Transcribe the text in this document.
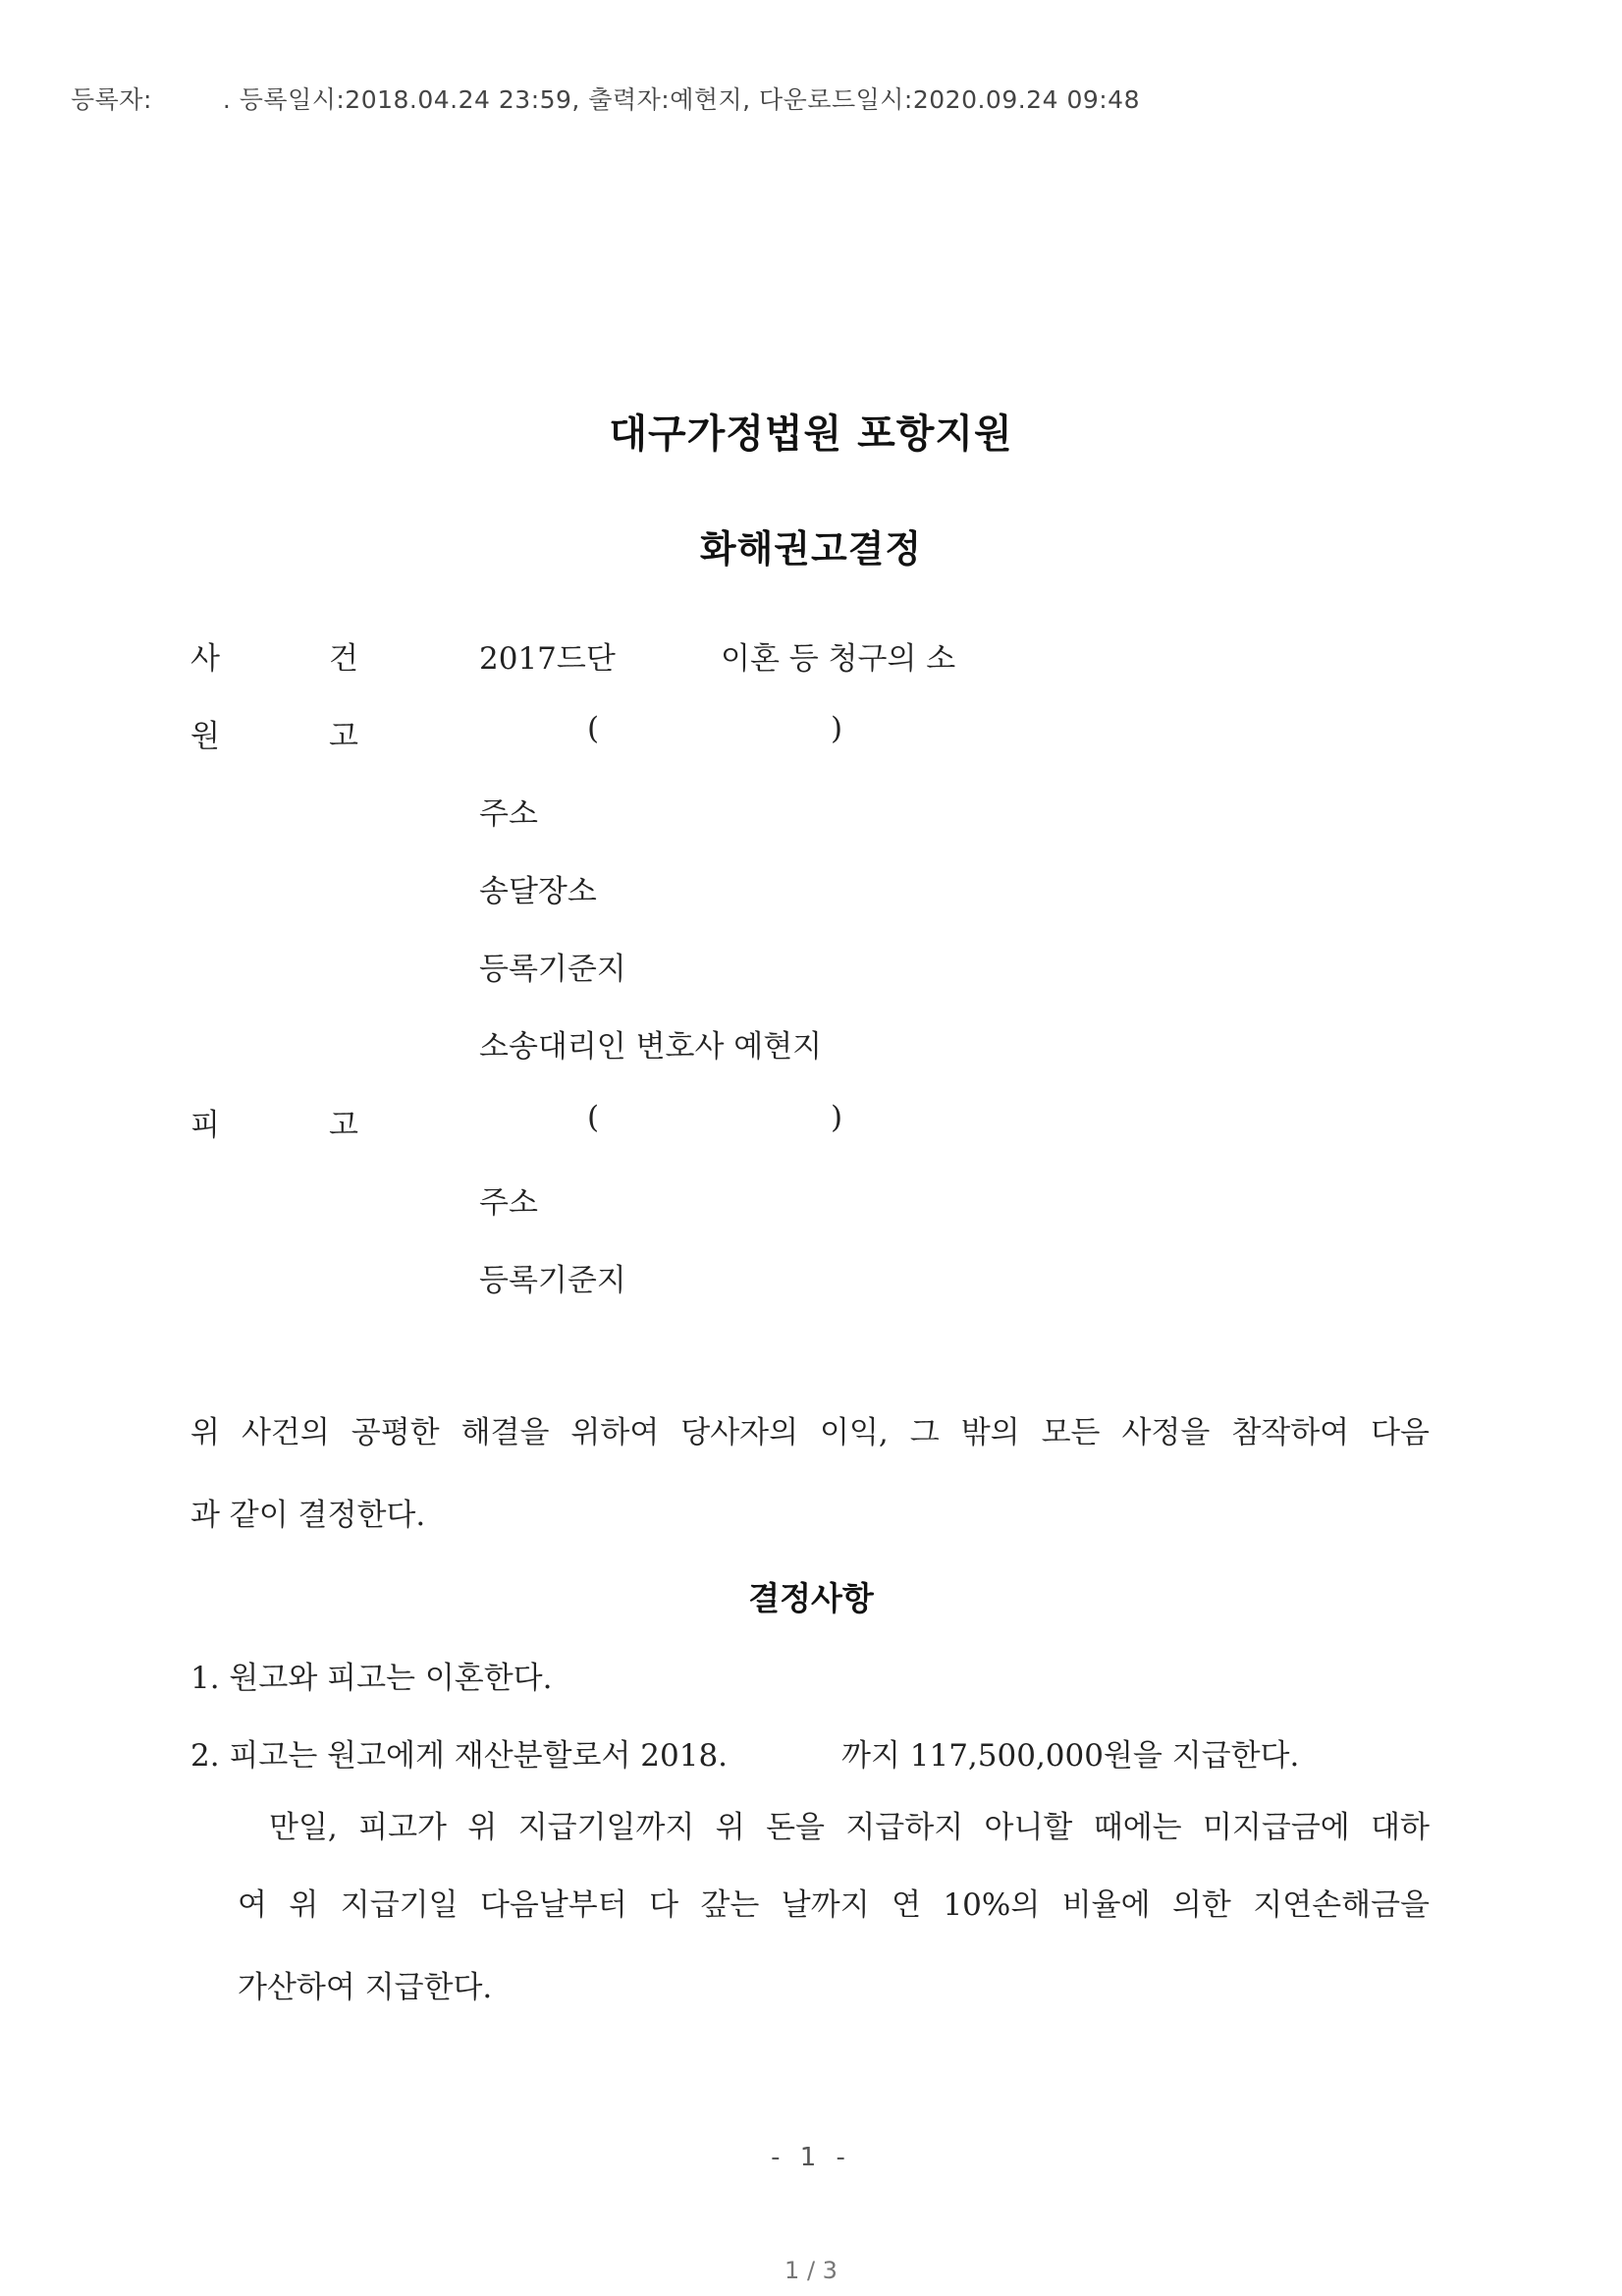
등록자:	. 등록일시:2018.04.24 23:59, 출력자:예현지, 다운로드일시:2020.09.24 09:48
대구가정법원 포항지원
화해권고결정
사	건	2017드단	이혼 등 청구의 소
원	고	(	)
주소
송달장소
등록기준지
소송대리인 변호사 예현지
피	고	(	)
주소
등록기준지
위 사건의 공평한 해결을 위하여 당사자의 이익, 그 밖의 모든 사정을 참작하여 다음
과 같이 결정한다.
결정사항
1. 원고와 피고는 이혼한다.
2. 피고는 원고에게 재산분할로서 2018.	까지 117,500,000원을 지급한다.
만일, 피고가 위 지급기일까지 위 돈을 지급하지 아니할 때에는 미지급금에 대하
여 위 지급기일 다음날부터 다 갚는 날까지 연 10%의 비율에 의한 지연손해금을
가산하여 지급한다.
- 1 -
1 / 3
